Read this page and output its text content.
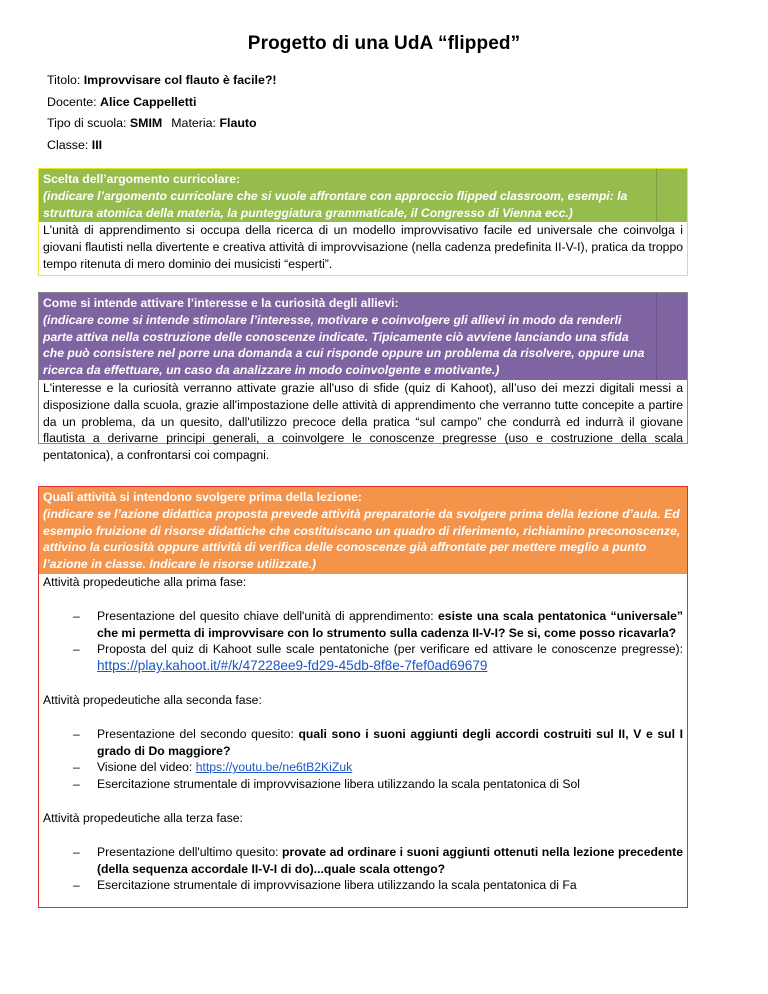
Progetto di una UdA “flipped”
Titolo: Improvvisare col flauto è facile?!
Docente: Alice Cappelletti
Tipo di scuola: SMIM Materia: Flauto
Classe: III
Scelta dell’argomento curricolare:
(indicare l’argomento curricolare che si vuole affrontare con approccio flipped classroom, esempi: la struttura atomica della materia, la punteggiatura grammaticale, il Congresso di Vienna ecc.)
L'unità di apprendimento si occupa della ricerca di un modello improvvisativo facile ed universale che coinvolga i giovani flautisti nella divertente e creativa attività di improvvisazione (nella cadenza predefinita II-V-I), pratica da troppo tempo ritenuta di mero dominio dei musicisti “esperti”.
Come si intende attivare l’interesse e la curiosità degli allievi:
(indicare come si intende stimolare l’interesse, motivare e coinvolgere gli allievi in modo da renderli parte attiva nella costruzione delle conoscenze indicate. Tipicamente ciò avviene lanciando una sfida che può consistere nel porre una domanda a cui risponde oppure un problema da risolvere, oppure una ricerca da effettuare, un caso da analizzare in modo coinvolgente e motivante.)
L'interesse e la curiosità verranno attivate grazie all'uso di sfide (quiz di Kahoot), all’uso dei mezzi digitali messi a disposizione dalla scuola, grazie all'impostazione delle attività di apprendimento che verranno tutte concepite a partire da un problema, da un quesito, dall'utilizzo precoce della pratica “sul campo” che condurrà ed indurrà il giovane flautista a derivarne principi generali, a coinvolgere le conoscenze pregresse (uso e costruzione della scala pentatonica), a confrontarsi coi compagni.
Quali attività si intendono svolgere prima della lezione:
(indicare se l’azione didattica proposta prevede attività preparatorie da svolgere prima della lezione d’aula. Ed esempio fruizione di risorse didattiche che costituiscano un quadro di riferimento, richiamino preconoscenze, attivino la curiosità oppure attività di verifica delle conoscenze già affrontate per mettere meglio a punto l’azione in classe. Indicare le risorse utilizzate.)
Attività propedeutiche alla prima fase:
– Presentazione del quesito chiave dell'unità di apprendimento: esiste una scala pentatonica “universale” che mi permetta di improvvisare con lo strumento sulla cadenza II-V-I? Se si, come posso ricavarla?
– Proposta del quiz di Kahoot sulle scale pentatoniche (per verificare ed attivare le conoscenze pregresse): https://play.kahoot.it/#/k/47228ee9-fd29-45db-8f8e-7fef0ad69679
Attività propedeutiche alla seconda fase:
– Presentazione del secondo quesito: quali sono i suoni aggiunti degli accordi costruiti sul II, V e sul I grado di Do maggiore?
– Visione del video: https://youtu.be/ne6tB2KiZuk
– Esercitazione strumentale di improvvisazione libera utilizzando la scala pentatonica di Sol
Attività propedeutiche alla terza fase:
– Presentazione dell'ultimo quesito: provate ad ordinare i suoni aggiunti ottenuti nella lezione precedente (della sequenza accordale II-V-I di do)...quale scala ottengo?
– Esercitazione strumentale di improvvisazione libera utilizzando la scala pentatonica di Fa
